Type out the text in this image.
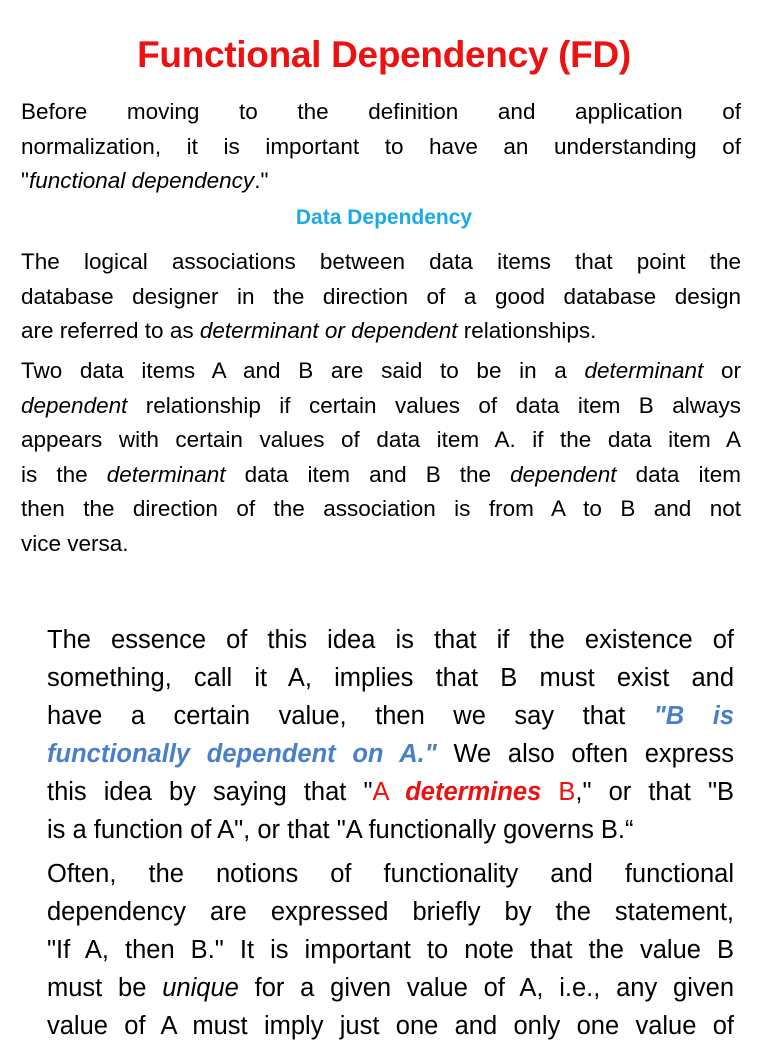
Functional Dependency (FD)

Before moving to the definition and application of

normalization, it is important to have an understanding of

"functional dependency."

Data Dependency

The logical associations between data items that point the

database designer in the direction of a good database design

are referred to as determinant or dependent relationships.

Two data items A and B are said to be in a determinant or

dependent relationship if certain values of data item B always

appears with certain values of data item A. if the data item A

is the determinant data item and B the dependent data item

then the direction of the association is from A to B and not

vice versa.

The essence of this idea is that if the existence of

something, call it A, implies that B must exist and

have a certain value, then we say that "B is

functionally dependent on A." We also often express

this idea by saying that "A determines B," or that "B

is a function of A", or that "A functionally governs B.“

Often, the notions of functionality and functional

dependency are expressed briefly by the statement,

"If A, then B." It is important to note that the value B

must be unique for a given value of A, i.e., any given

value of A must imply just one and only one value of
